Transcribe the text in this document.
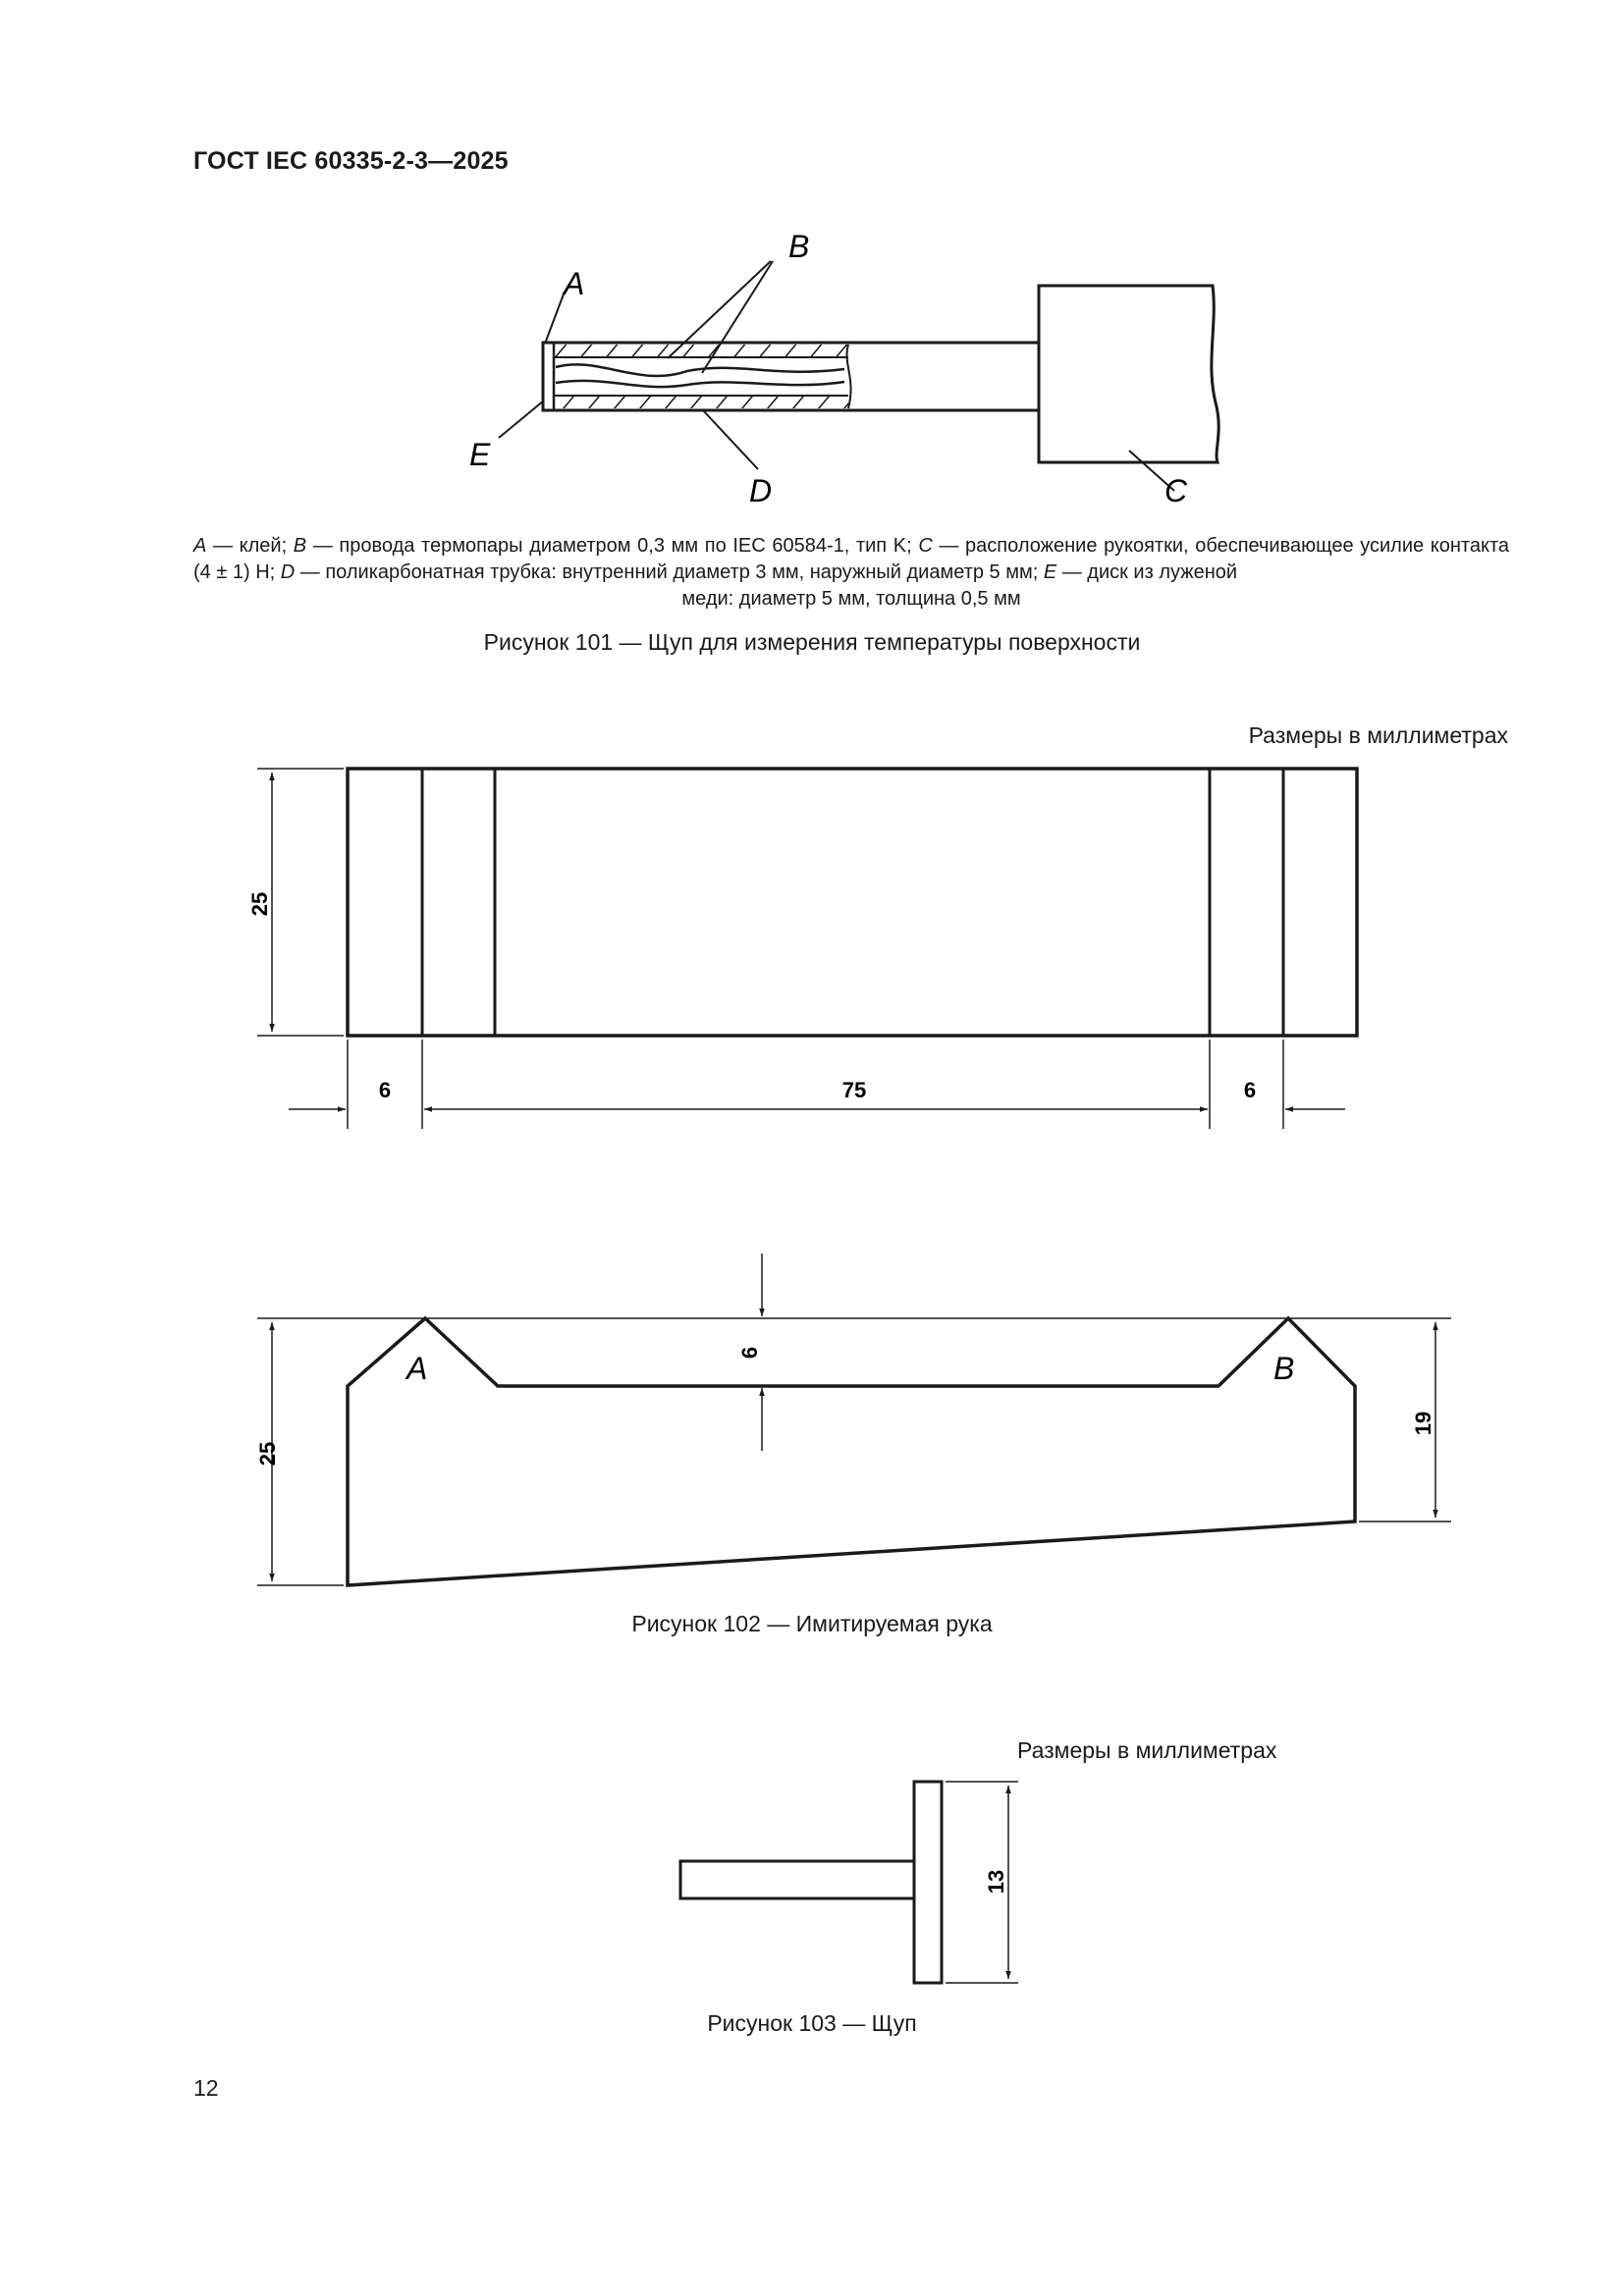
ГОСТ IEC 60335-2-3—2025
A
B
C
D
E
25
6	75	6
25
6
19
A	B
13
A — клей; B — провода термопары диаметром 0,3 мм по IEC 60584-1, тип K; C — расположение рукоятки, обеспечивающее усилие контакта (4 ± 1) Н; D — поликарбонатная трубка: внутренний диаметр 3 мм, наружный диаметр 5 мм; E — диск из луженой
меди: диаметр 5 мм, толщина 0,5 мм
Рисунок 101 — Щуп для измерения температуры поверхности
Размеры в миллиметрах
Рисунок 102 — Имитируемая рука
Размеры в миллиметрах
Рисунок 103 — Щуп
12
